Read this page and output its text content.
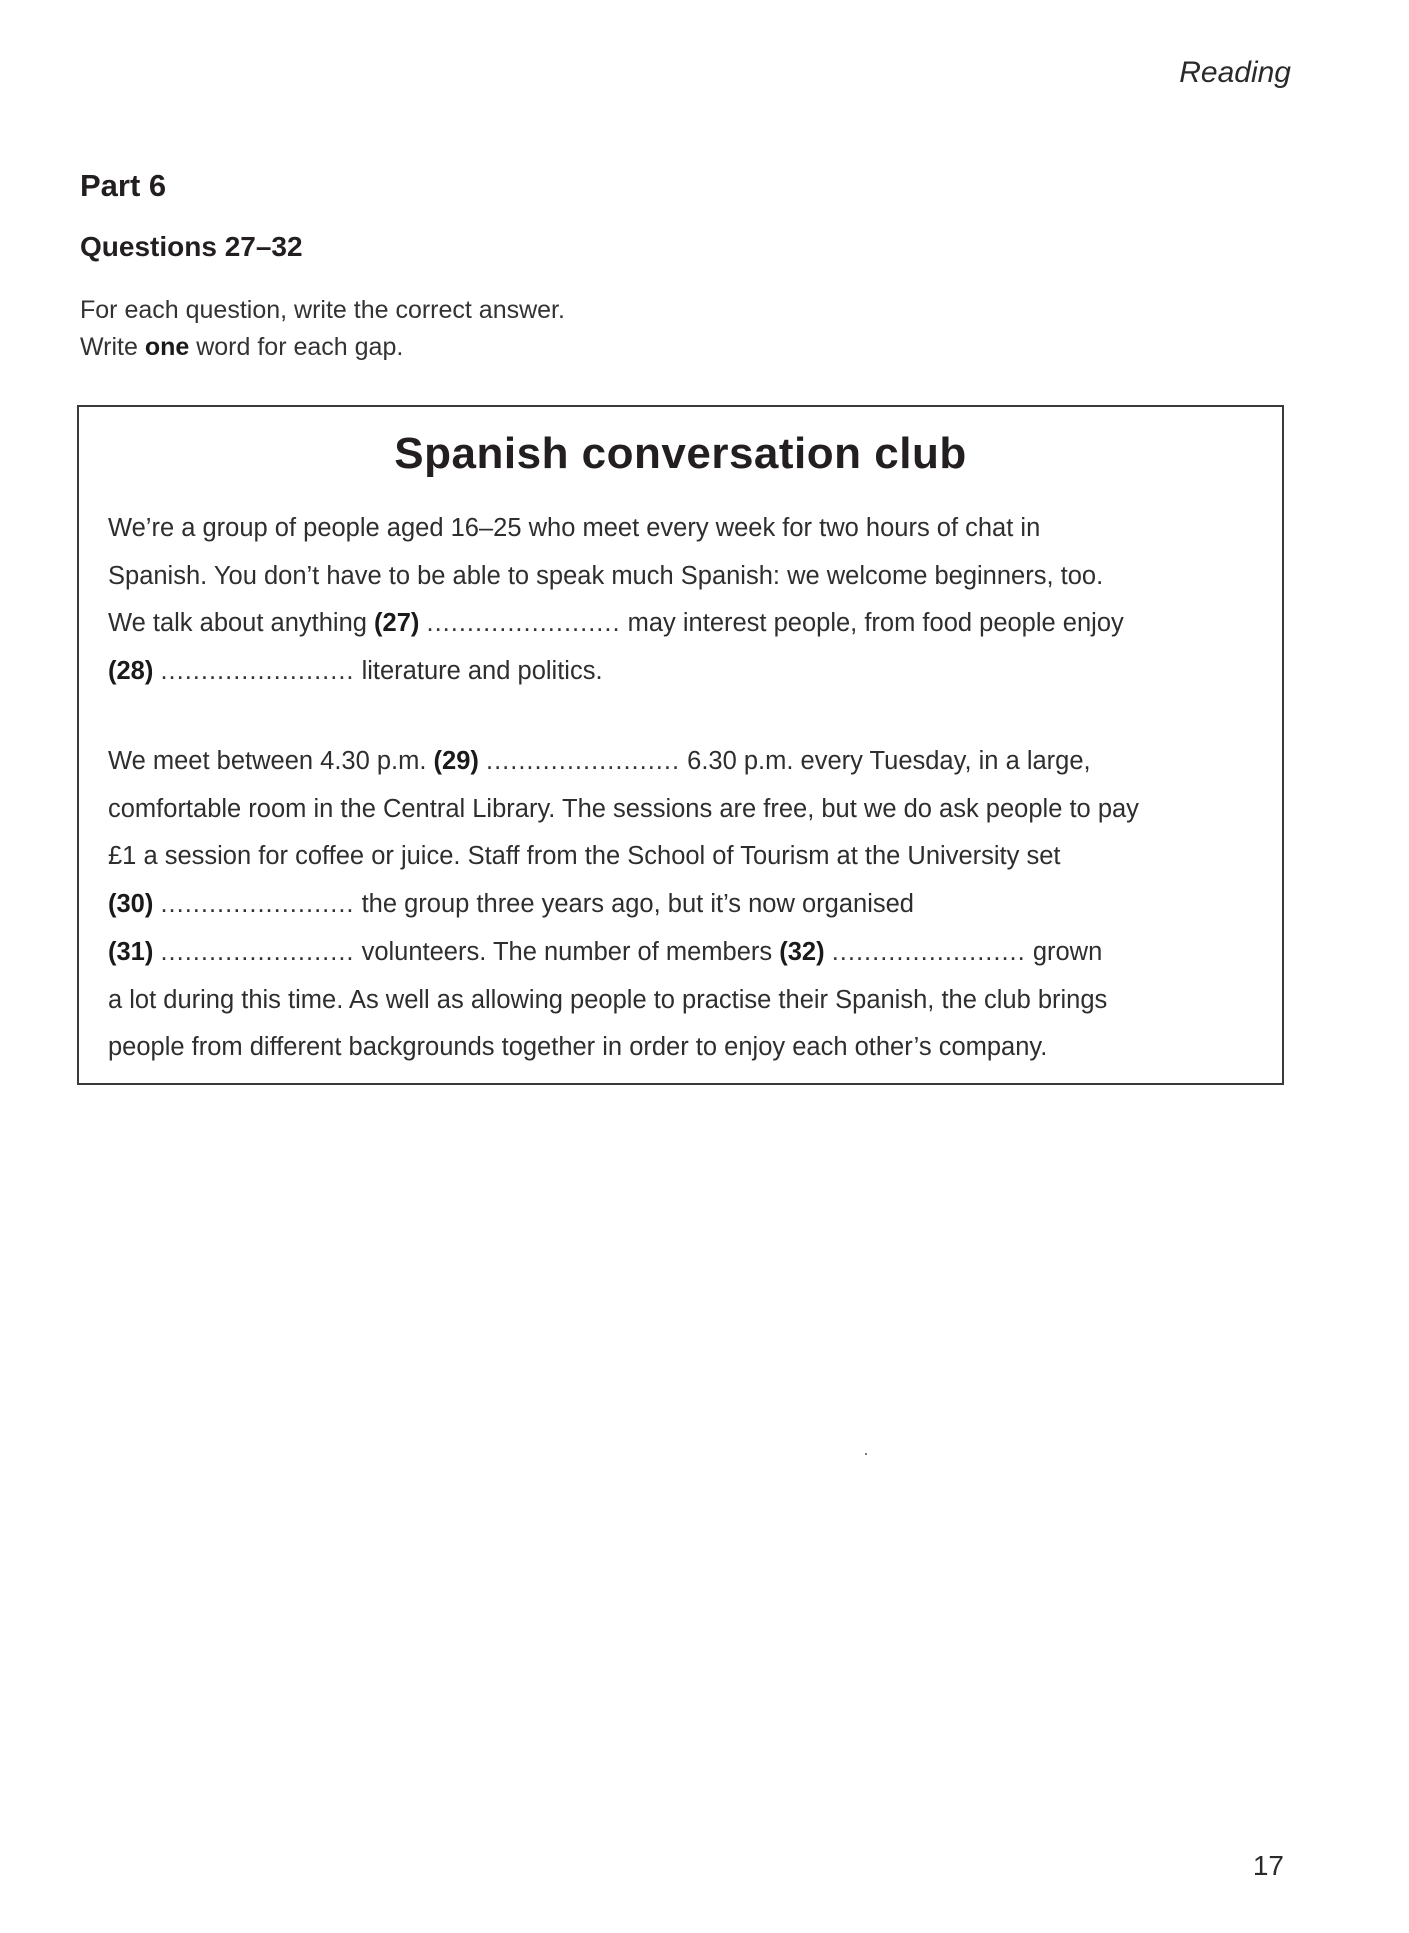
Reading
Part 6
Questions 27–32
For each question, write the correct answer.
Write one word for each gap.
Spanish conversation club
We’re a group of people aged 16–25 who meet every week for two hours of chat in
Spanish. You don’t have to be able to speak much Spanish: we welcome beginners, too.
We talk about anything (27) ........................ may interest people, from food people enjoy
(28) ........................ literature and politics.
We meet between 4.30 p.m. (29) ........................ 6.30 p.m. every Tuesday, in a large,
comfortable room in the Central Library. The sessions are free, but we do ask people to pay
£1 a session for coffee or juice. Staff from the School of Tourism at the University set
(30) ........................ the group three years ago, but it’s now organised
(31) ........................ volunteers. The number of members (32) ........................ grown
a lot during this time. As well as allowing people to practise their Spanish, the club brings
people from different backgrounds together in order to enjoy each other’s company.
17
